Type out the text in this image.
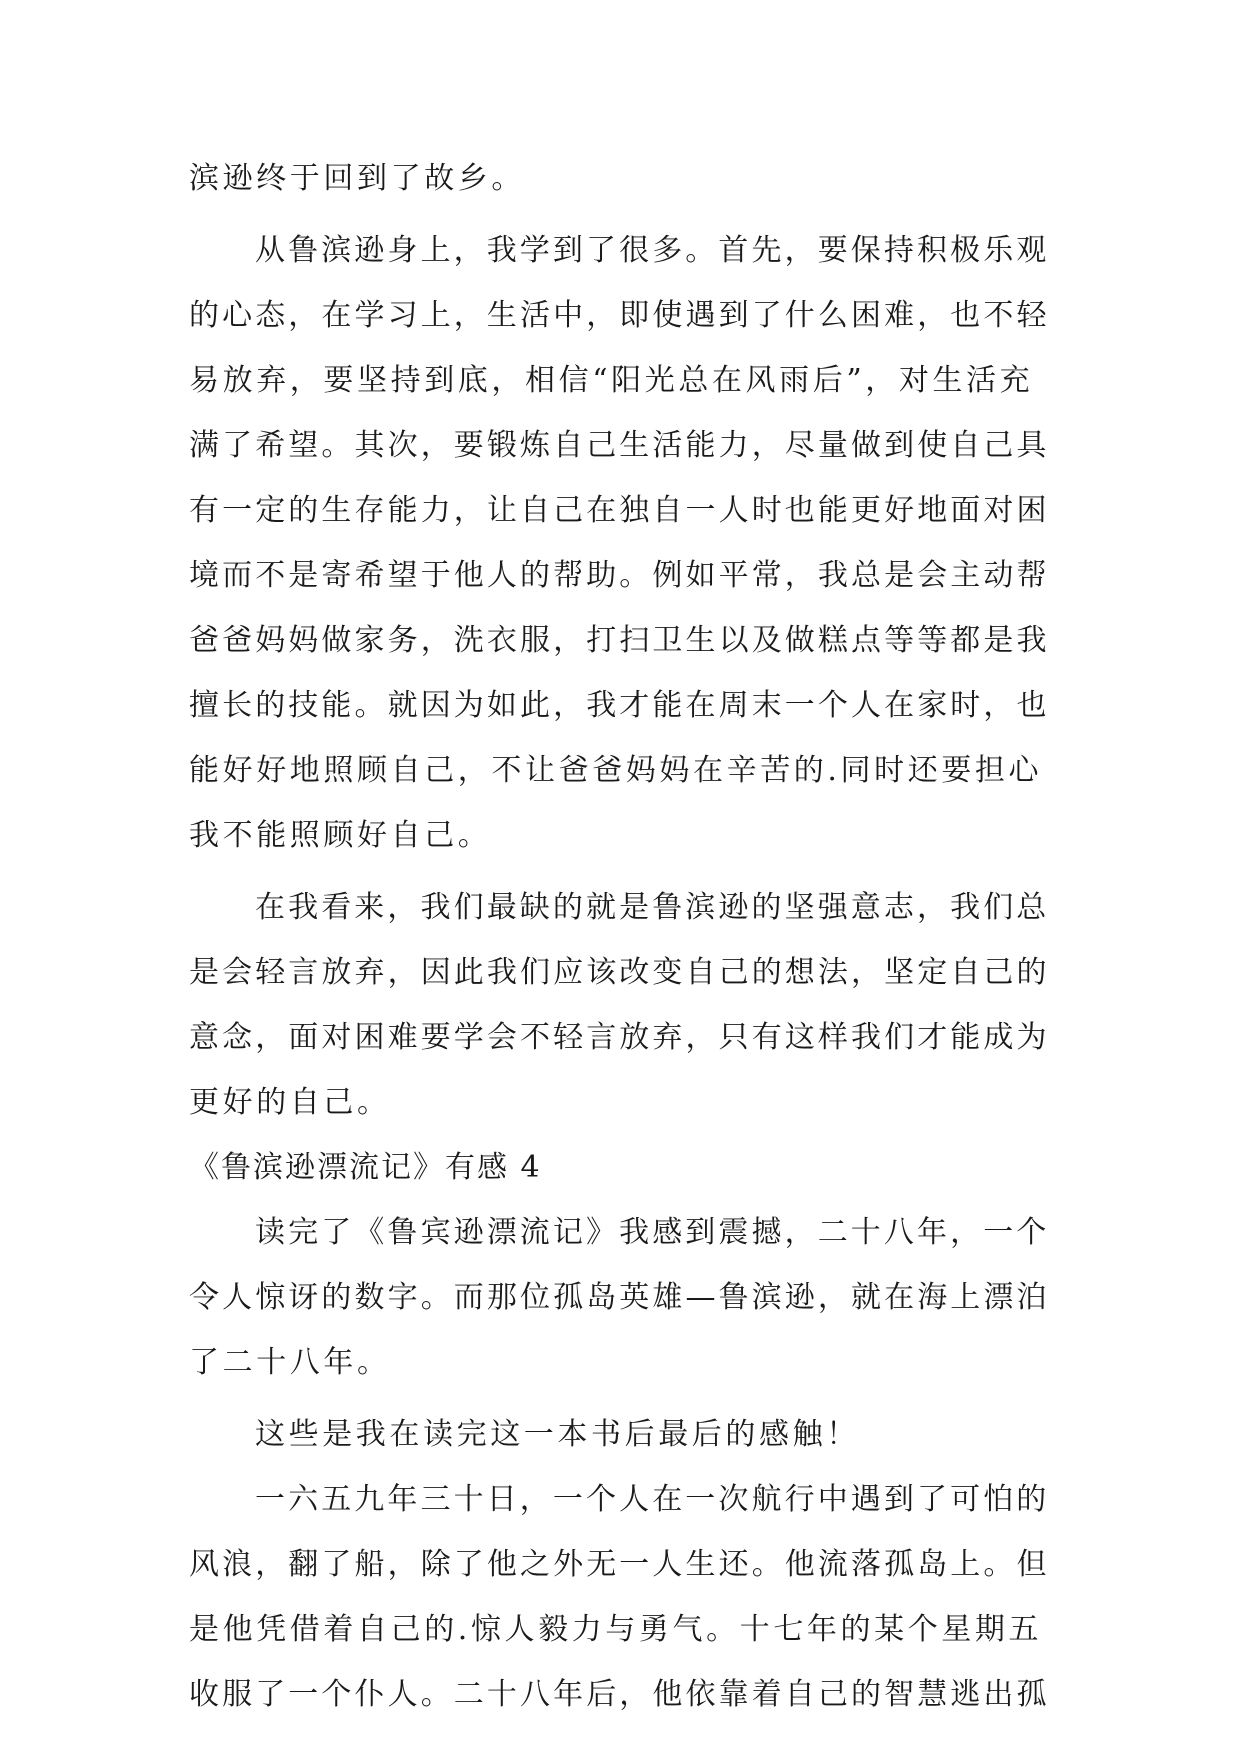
滨逊终于回到了故乡。
从鲁滨逊身上，我学到了很多。首先，要保持积极乐观
的心态，在学习上，生活中，即使遇到了什么困难，也不轻
易放弃，要坚持到底，相信“阳光总在风雨后”，对生活充
满了希望。其次，要锻炼自己生活能力，尽量做到使自己具
有一定的生存能力，让自己在独自一人时也能更好地面对困
境而不是寄希望于他人的帮助。例如平常，我总是会主动帮
爸爸妈妈做家务，洗衣服，打扫卫生以及做糕点等等都是我
擅长的技能。就因为如此，我才能在周末一个人在家时，也
能好好地照顾自己，不让爸爸妈妈在辛苦的.同时还要担心
我不能照顾好自己。
在我看来，我们最缺的就是鲁滨逊的坚强意志，我们总
是会轻言放弃，因此我们应该改变自己的想法，坚定自己的
意念，面对困难要学会不轻言放弃，只有这样我们才能成为
更好的自己。
《鲁滨逊漂流记》有感 4
读完了《鲁宾逊漂流记》我感到震撼，二十八年，一个
令人惊讶的数字。而那位孤岛英雄—鲁滨逊，就在海上漂泊
了二十八年。
这些是我在读完这一本书后最后的感触！
一六五九年三十日，一个人在一次航行中遇到了可怕的
风浪，翻了船，除了他之外无一人生还。他流落孤岛上。但
是他凭借着自己的.惊人毅力与勇气。十七年的某个星期五
收服了一个仆人。二十八年后，他依靠着自己的智慧逃出孤
